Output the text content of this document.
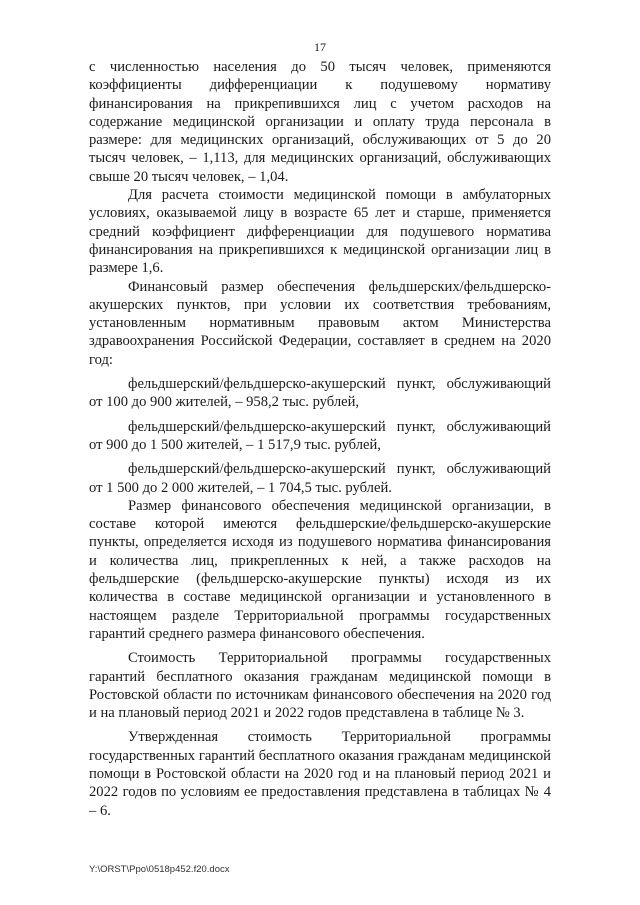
17

с численностью населения до 50 тысяч человек, применяются коэффициенты дифференциации к подушевому нормативу финансирования на прикрепившихся лиц с учетом расходов на содержание медицинской организации и оплату труда персонала в размере: для медицинских организаций, обслуживающих от 5 до 20 тысяч человек, – 1,113, для медицинских организаций, обслуживающих свыше 20 тысяч человек, – 1,04.

Для расчета стоимости медицинской помощи в амбулаторных условиях, оказываемой лицу в возрасте 65 лет и старше, применяется средний коэффициент дифференциации для подушевого норматива финансирования на прикрепившихся к медицинской организации лиц в размере 1,6.

Финансовый размер обеспечения фельдшерских/фельдшерско-акушерских пунктов, при условии их соответствия требованиям, установленным нормативным правовым актом Министерства здравоохранения Российской Федерации, составляет в среднем на 2020 год:

фельдшерский/фельдшерско-акушерский пункт, обслуживающий от 100 до 900 жителей, – 958,2 тыс. рублей,

фельдшерский/фельдшерско-акушерский пункт, обслуживающий от 900 до 1 500 жителей, – 1 517,9 тыс. рублей,

фельдшерский/фельдшерско-акушерский пункт, обслуживающий от 1 500 до 2 000 жителей, – 1 704,5 тыс. рублей.

Размер финансового обеспечения медицинской организации, в составе которой имеются фельдшерские/фельдшерско-акушерские пункты, определяется исходя из подушевого норматива финансирования и количества лиц, прикрепленных к ней, а также расходов на фельдшерские (фельдшерско-акушерские пункты) исходя из их количества в составе медицинской организации и установленного в настоящем разделе Территориальной программы государственных гарантий среднего размера финансового обеспечения.

Стоимость Территориальной программы государственных гарантий бесплатного оказания гражданам медицинской помощи в Ростовской области по источникам финансового обеспечения на 2020 год и на плановый период 2021 и 2022 годов представлена в таблице № 3.

Утвержденная стоимость Территориальной программы государственных гарантий бесплатного оказания гражданам медицинской помощи в Ростовской области на 2020 год и на плановый период 2021 и 2022 годов по условиям ее предоставления представлена в таблицах № 4 – 6.

Y:\ORST\Ppo\0518p452.f20.docx
